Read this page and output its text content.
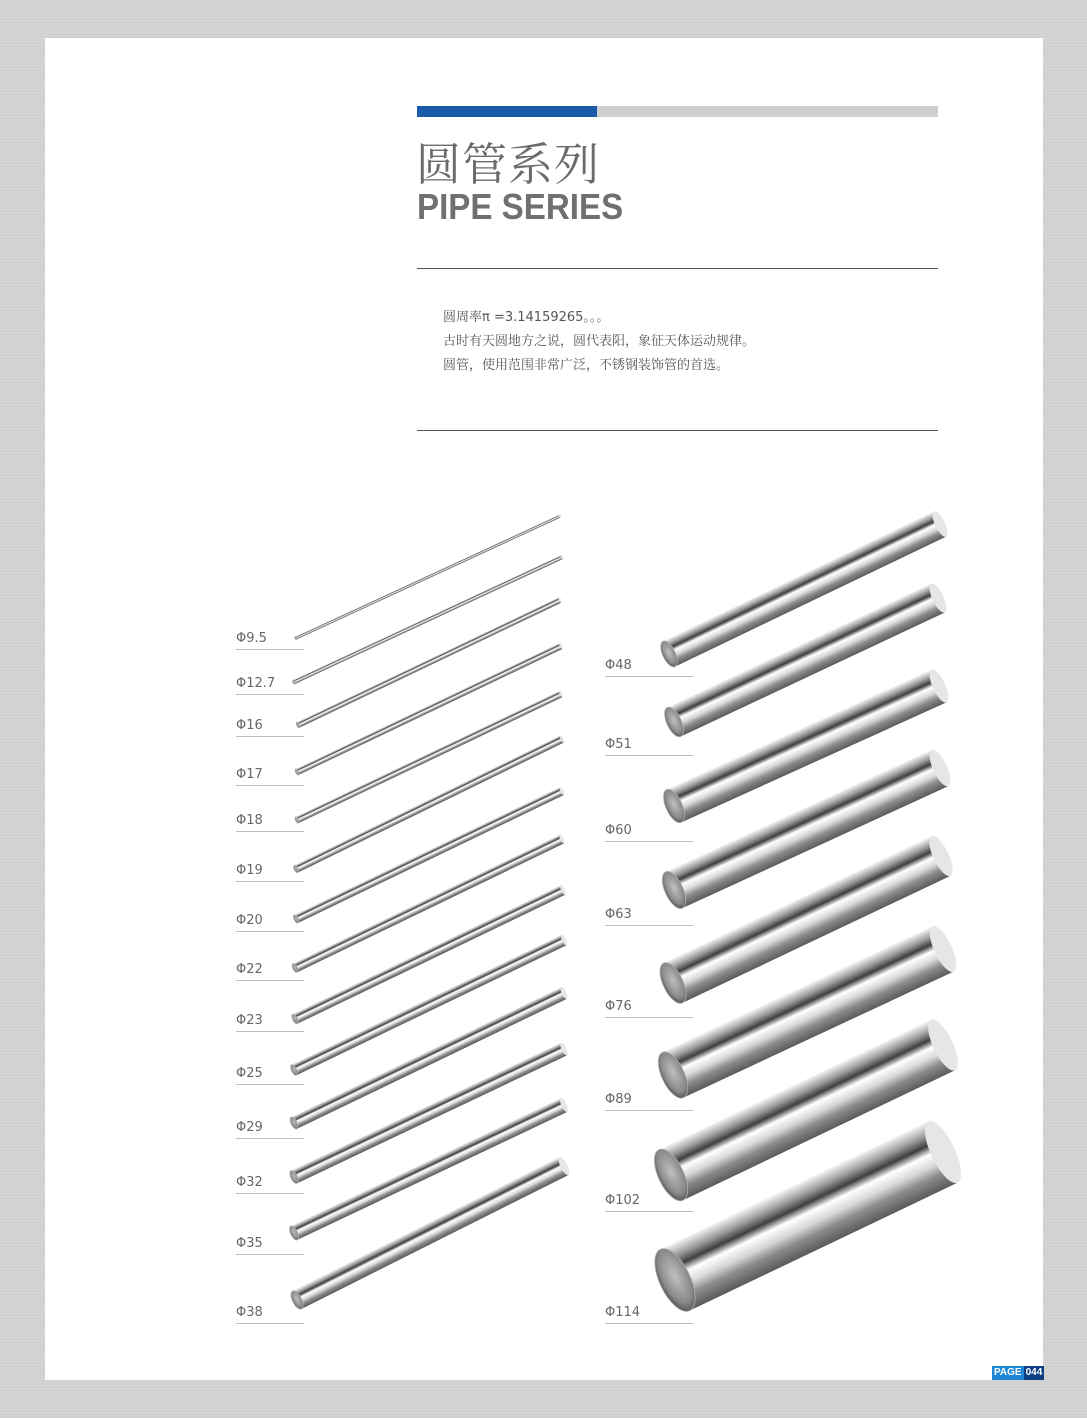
圆管系列
PIPE SERIES
圆周率π =3.14159265。。。
古时有天圆地方之说，圆代表阳，象征天体运动规律。
圆管，使用范围非常广泛，不锈钢装饰管的首选。
Φ9.5
Φ12.7
Φ16
Φ17
Φ18
Φ19
Φ20
Φ22
Φ23
Φ25
Φ29
Φ32
Φ35
Φ38
Φ48
Φ51
Φ60
Φ63
Φ76
Φ89
Φ102
Φ114
PAGE 044
